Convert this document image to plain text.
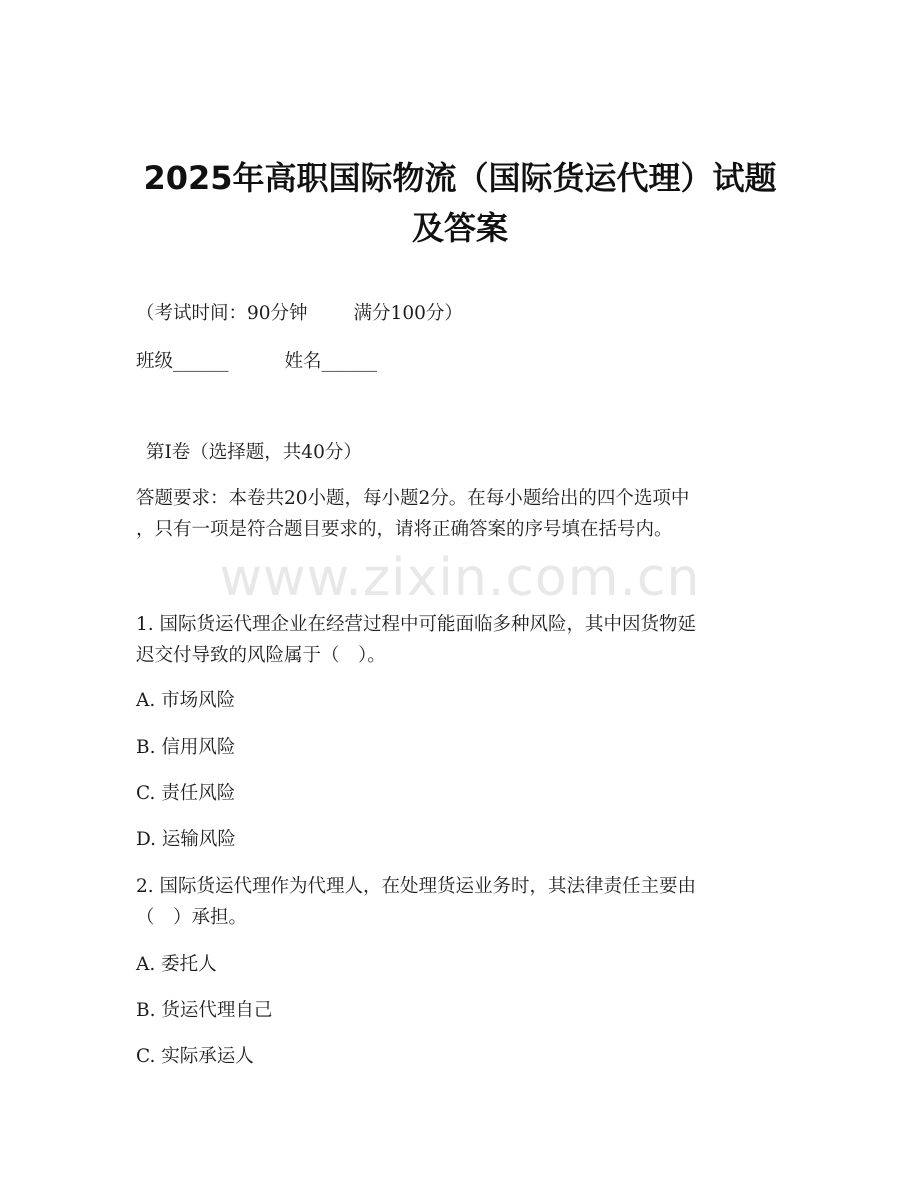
2025年高职国际物流（国际货运代理）试题
及答案
（考试时间：90分钟 满分100分）
班级______	姓名______
第Ⅰ卷（选择题，共40分）
答题要求：本卷共20小题，每小题2分。在每小题给出的四个选项中
，只有一项是符合题目要求的，请将正确答案的序号填在括号内。
www.zixin.com.cn
1. 国际货运代理企业在经营过程中可能面临多种风险，其中因货物延
迟交付导致的风险属于（　）。
A. 市场风险
B. 信用风险
C. 责任风险
D. 运输风险
2. 国际货运代理作为代理人，在处理货运业务时，其法律责任主要由
（　）承担。
A. 委托人
B. 货运代理自己
C. 实际承运人
